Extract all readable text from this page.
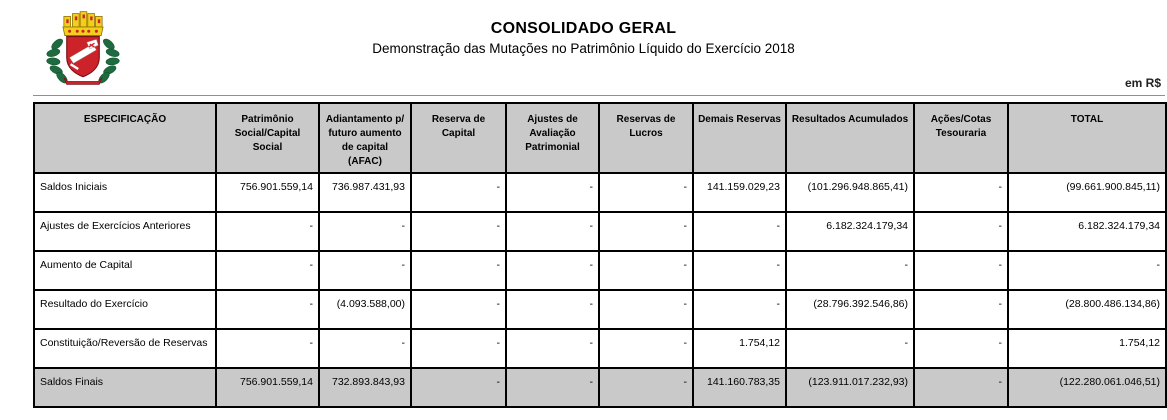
CONSOLIDADO GERAL
Demonstração das Mutações no Patrimônio Líquido do Exercício 2018
em R$
ESPECIFICAÇÃO	Patrimônio Social/Capital Social	Adiantamento p/ futuro aumento de capital (AFAC)	Reserva de Capital	Ajustes de Avaliação Patrimonial	Reservas de Lucros	Demais Reservas	Resultados Acumulados	Ações/Cotas Tesouraria	TOTAL
Saldos Iniciais	756.901.559,14	736.987.431,93	-	-	-	141.159.029,23	(101.296.948.865,41)	-	(99.661.900.845,11)
Ajustes de Exercícios Anteriores	-	-	-	-	-	-	6.182.324.179,34	-	6.182.324.179,34
Aumento de Capital	-	-	-	-	-	-	-	-	-
Resultado do Exercício	-	(4.093.588,00)	-	-	-	-	(28.796.392.546,86)	-	(28.800.486.134,86)
Constituição/Reversão de Reservas	-	-	-	-	-	1.754,12	-	-	1.754,12
Saldos Finais	756.901.559,14	732.893.843,93	-	-	-	141.160.783,35	(123.911.017.232,93)	-	(122.280.061.046,51)
